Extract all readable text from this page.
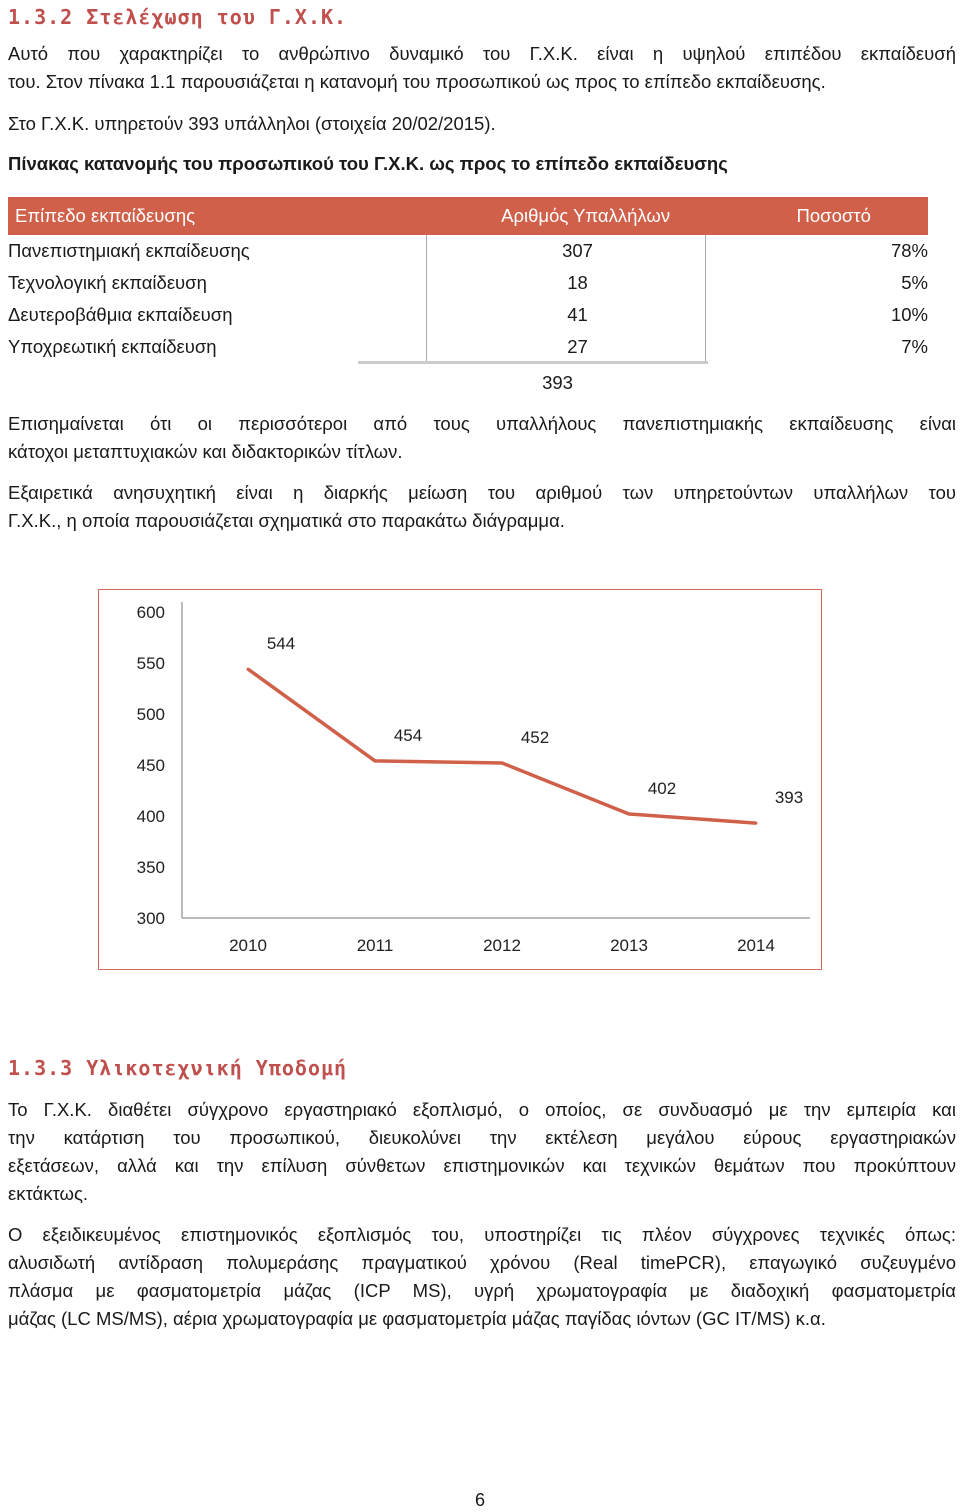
1.3.2 Στελέχωση του Γ.Χ.Κ.
Αυτό που χαρακτηρίζει το ανθρώπινο δυναμικό του Γ.Χ.Κ. είναι η υψηλού επιπέδου εκπαίδευσή
του. Στον πίνακα 1.1 παρουσιάζεται η κατανομή του προσωπικού ως προς το επίπεδο εκπαίδευσης.
Στο Γ.Χ.Κ. υπηρετούν 393 υπάλληλοι (στοιχεία 20/02/2015).
Πίνακας κατανομής του προσωπικού του Γ.Χ.Κ. ως προς το επίπεδο εκπαίδευσης
Επίπεδο εκπαίδευσης	Αριθμός Υπαλλήλων	Ποσοστό
Πανεπιστημιακή εκπαίδευσης	307	78%
Τεχνολογική εκπαίδευση	18	5%
Δευτεροβάθμια εκπαίδευση	41	10%
Υποχρεωτική εκπαίδευση	27	7%
393
Επισημαίνεται ότι οι περισσότεροι από τους υπαλλήλους πανεπιστημιακής εκπαίδευσης είναι
κάτοχοι μεταπτυχιακών και διδακτορικών τίτλων.
Εξαιρετικά ανησυχητική είναι η διαρκής μείωση του αριθμού των υπηρετούντων υπαλλήλων του
Γ.Χ.Κ., η οποία παρουσιάζεται σχηματικά στο παρακάτω διάγραμμα.
600
550
500
450
400
350
300
2010	2011	2012	2013	2014
544
454	452
402	393
1.3.3 Υλικοτεχνική Υποδομή
Το Γ.Χ.Κ. διαθέτει σύγχρονο εργαστηριακό εξοπλισμό, ο οποίος, σε συνδυασμό με την εμπειρία και
την κατάρτιση του προσωπικού, διευκολύνει την εκτέλεση μεγάλου εύρους εργαστηριακών
εξετάσεων, αλλά και την επίλυση σύνθετων επιστημονικών και τεχνικών θεμάτων που προκύπτουν
εκτάκτως.
Ο εξειδικευμένος επιστημονικός εξοπλισμός του, υποστηρίζει τις πλέον σύγχρονες τεχνικές όπως:
αλυσιδωτή αντίδραση πολυμεράσης πραγματικού χρόνου (Real timePCR), επαγωγικό συζευγμένο
πλάσμα με φασματομετρία μάζας (ICP MS), υγρή χρωματογραφία με διαδοχική φασματομετρία
μάζας (LC MS/MS), αέρια χρωματογραφία με φασματομετρία μάζας παγίδας ιόντων (GC IT/MS) κ.α.
6
